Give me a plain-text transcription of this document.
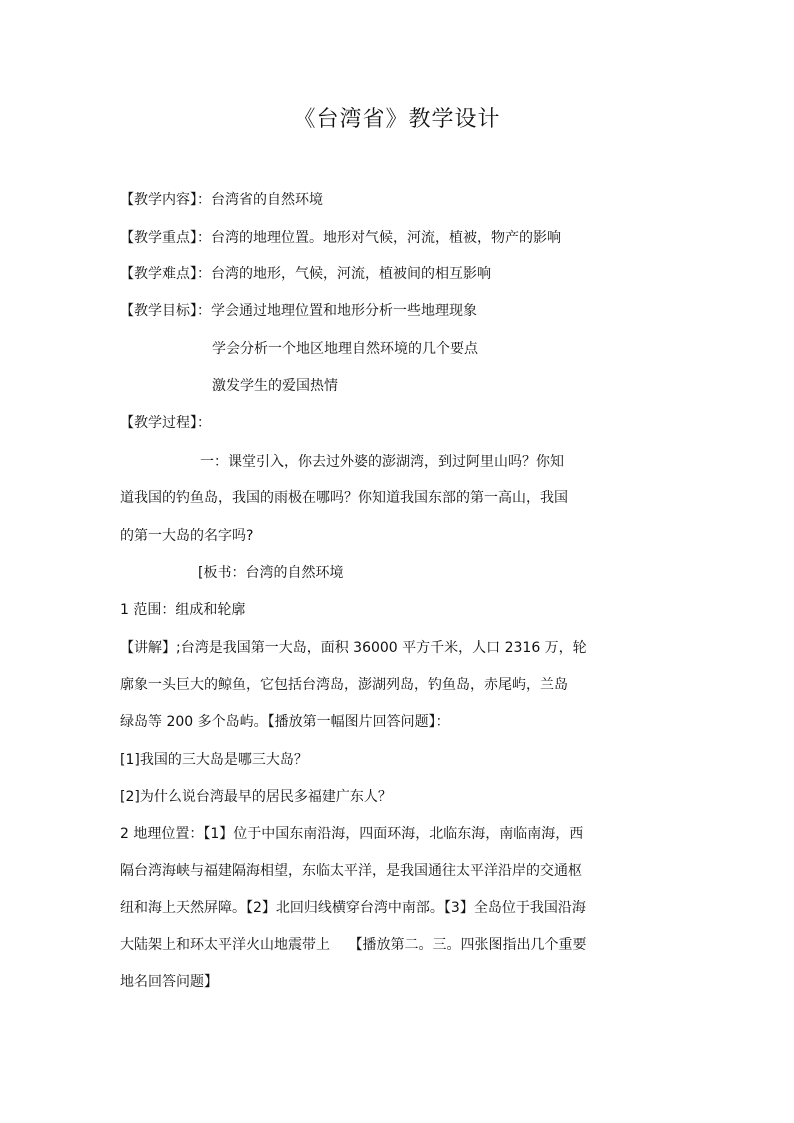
《台湾省》教学设计
【教学内容】：台湾省的自然环境
【教学重点】：台湾的地理位置。地形对气候，河流，植被，物产的影响
【教学难点】：台湾的地形，气候，河流，植被间的相互影响
【教学目标】：学会通过地理位置和地形分析一些地理现象
学会分析一个地区地理自然环境的几个要点
激发学生的爱国热情
【教学过程】：
一：课堂引入，你去过外婆的澎湖湾，到过阿里山吗？你知
道我国的钓鱼岛，我国的雨极在哪吗？你知道我国东部的第一高山，我国
的第一大岛的名字吗?
[板书：台湾的自然环境
1 范围：组成和轮廓
【讲解】;台湾是我国第一大岛，面积 36000 平方千米，人口 2316 万，轮
廓象一头巨大的鲸鱼，它包括台湾岛，澎湖列岛，钓鱼岛，赤尾屿，兰岛
绿岛等 200 多个岛屿。【播放第一幅图片回答问题】：
[1]我国的三大岛是哪三大岛？
[2]为什么说台湾最早的居民多福建广东人？
2 地理位置：【1】位于中国东南沿海，四面环海，北临东海，南临南海，西
隔台湾海峡与福建隔海相望，东临太平洋，是我国通往太平洋沿岸的交通枢
纽和海上天然屏障。【2】北回归线横穿台湾中南部。【3】全岛位于我国沿海
大陆架上和环太平洋火山地震带上　 【播放第二。三。四张图指出几个重要
地名回答问题】
